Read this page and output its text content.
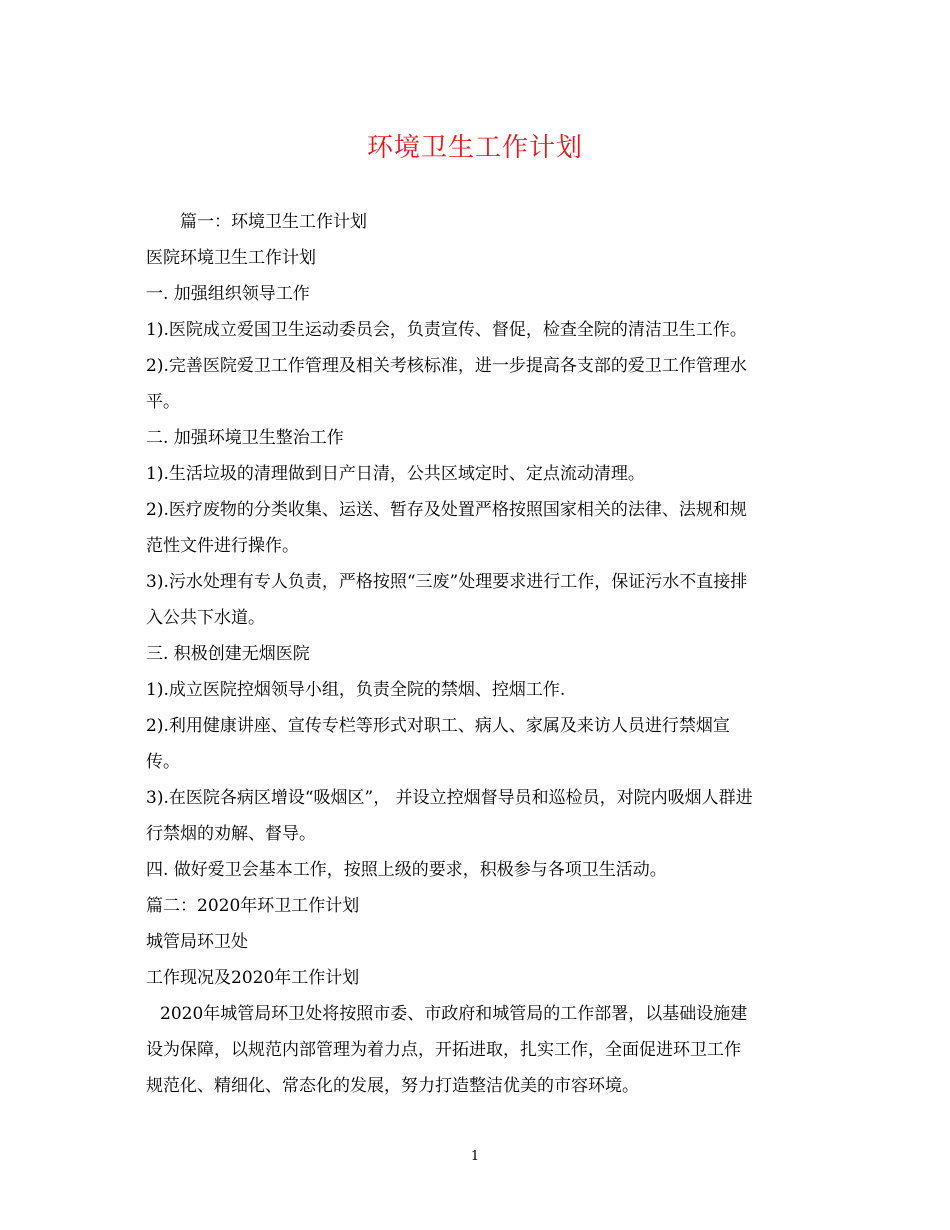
环境卫生工作计划

篇一：环境卫生工作计划

医院环境卫生工作计划

一. 加强组织领导工作

1).医院成立爱国卫生运动委员会，负责宣传、督促，检查全院的清洁卫生工作。

2).完善医院爱卫工作管理及相关考核标准，进一步提高各支部的爱卫工作管理水

平。

二. 加强环境卫生整治工作

1).生活垃圾的清理做到日产日清，公共区域定时、定点流动清理。

2).医疗废物的分类收集、运送、暂存及处置严格按照国家相关的法律、法规和规

范性文件进行操作。

3).污水处理有专人负责，严格按照“三废”处理要求进行工作，保证污水不直接排

入公共下水道。

三. 积极创建无烟医院

1).成立医院控烟领导小组，负责全院的禁烟、控烟工作.

2).利用健康讲座、宣传专栏等形式对职工、病人、家属及来访人员进行禁烟宣

传。

3).在医院各病区增设“吸烟区”， 并设立控烟督导员和巡检员，对院内吸烟人群进

行禁烟的劝解、督导。

四. 做好爱卫会基本工作，按照上级的要求，积极参与各项卫生活动。

篇二：2020年环卫工作计划

城管局环卫处

工作现况及2020年工作计划

2020年城管局环卫处将按照市委、市政府和城管局的工作部署，以基础设施建

设为保障，以规范内部管理为着力点，开拓进取，扎实工作，全面促进环卫工作

规范化、精细化、常态化的发展，努力打造整洁优美的市容环境。

1
